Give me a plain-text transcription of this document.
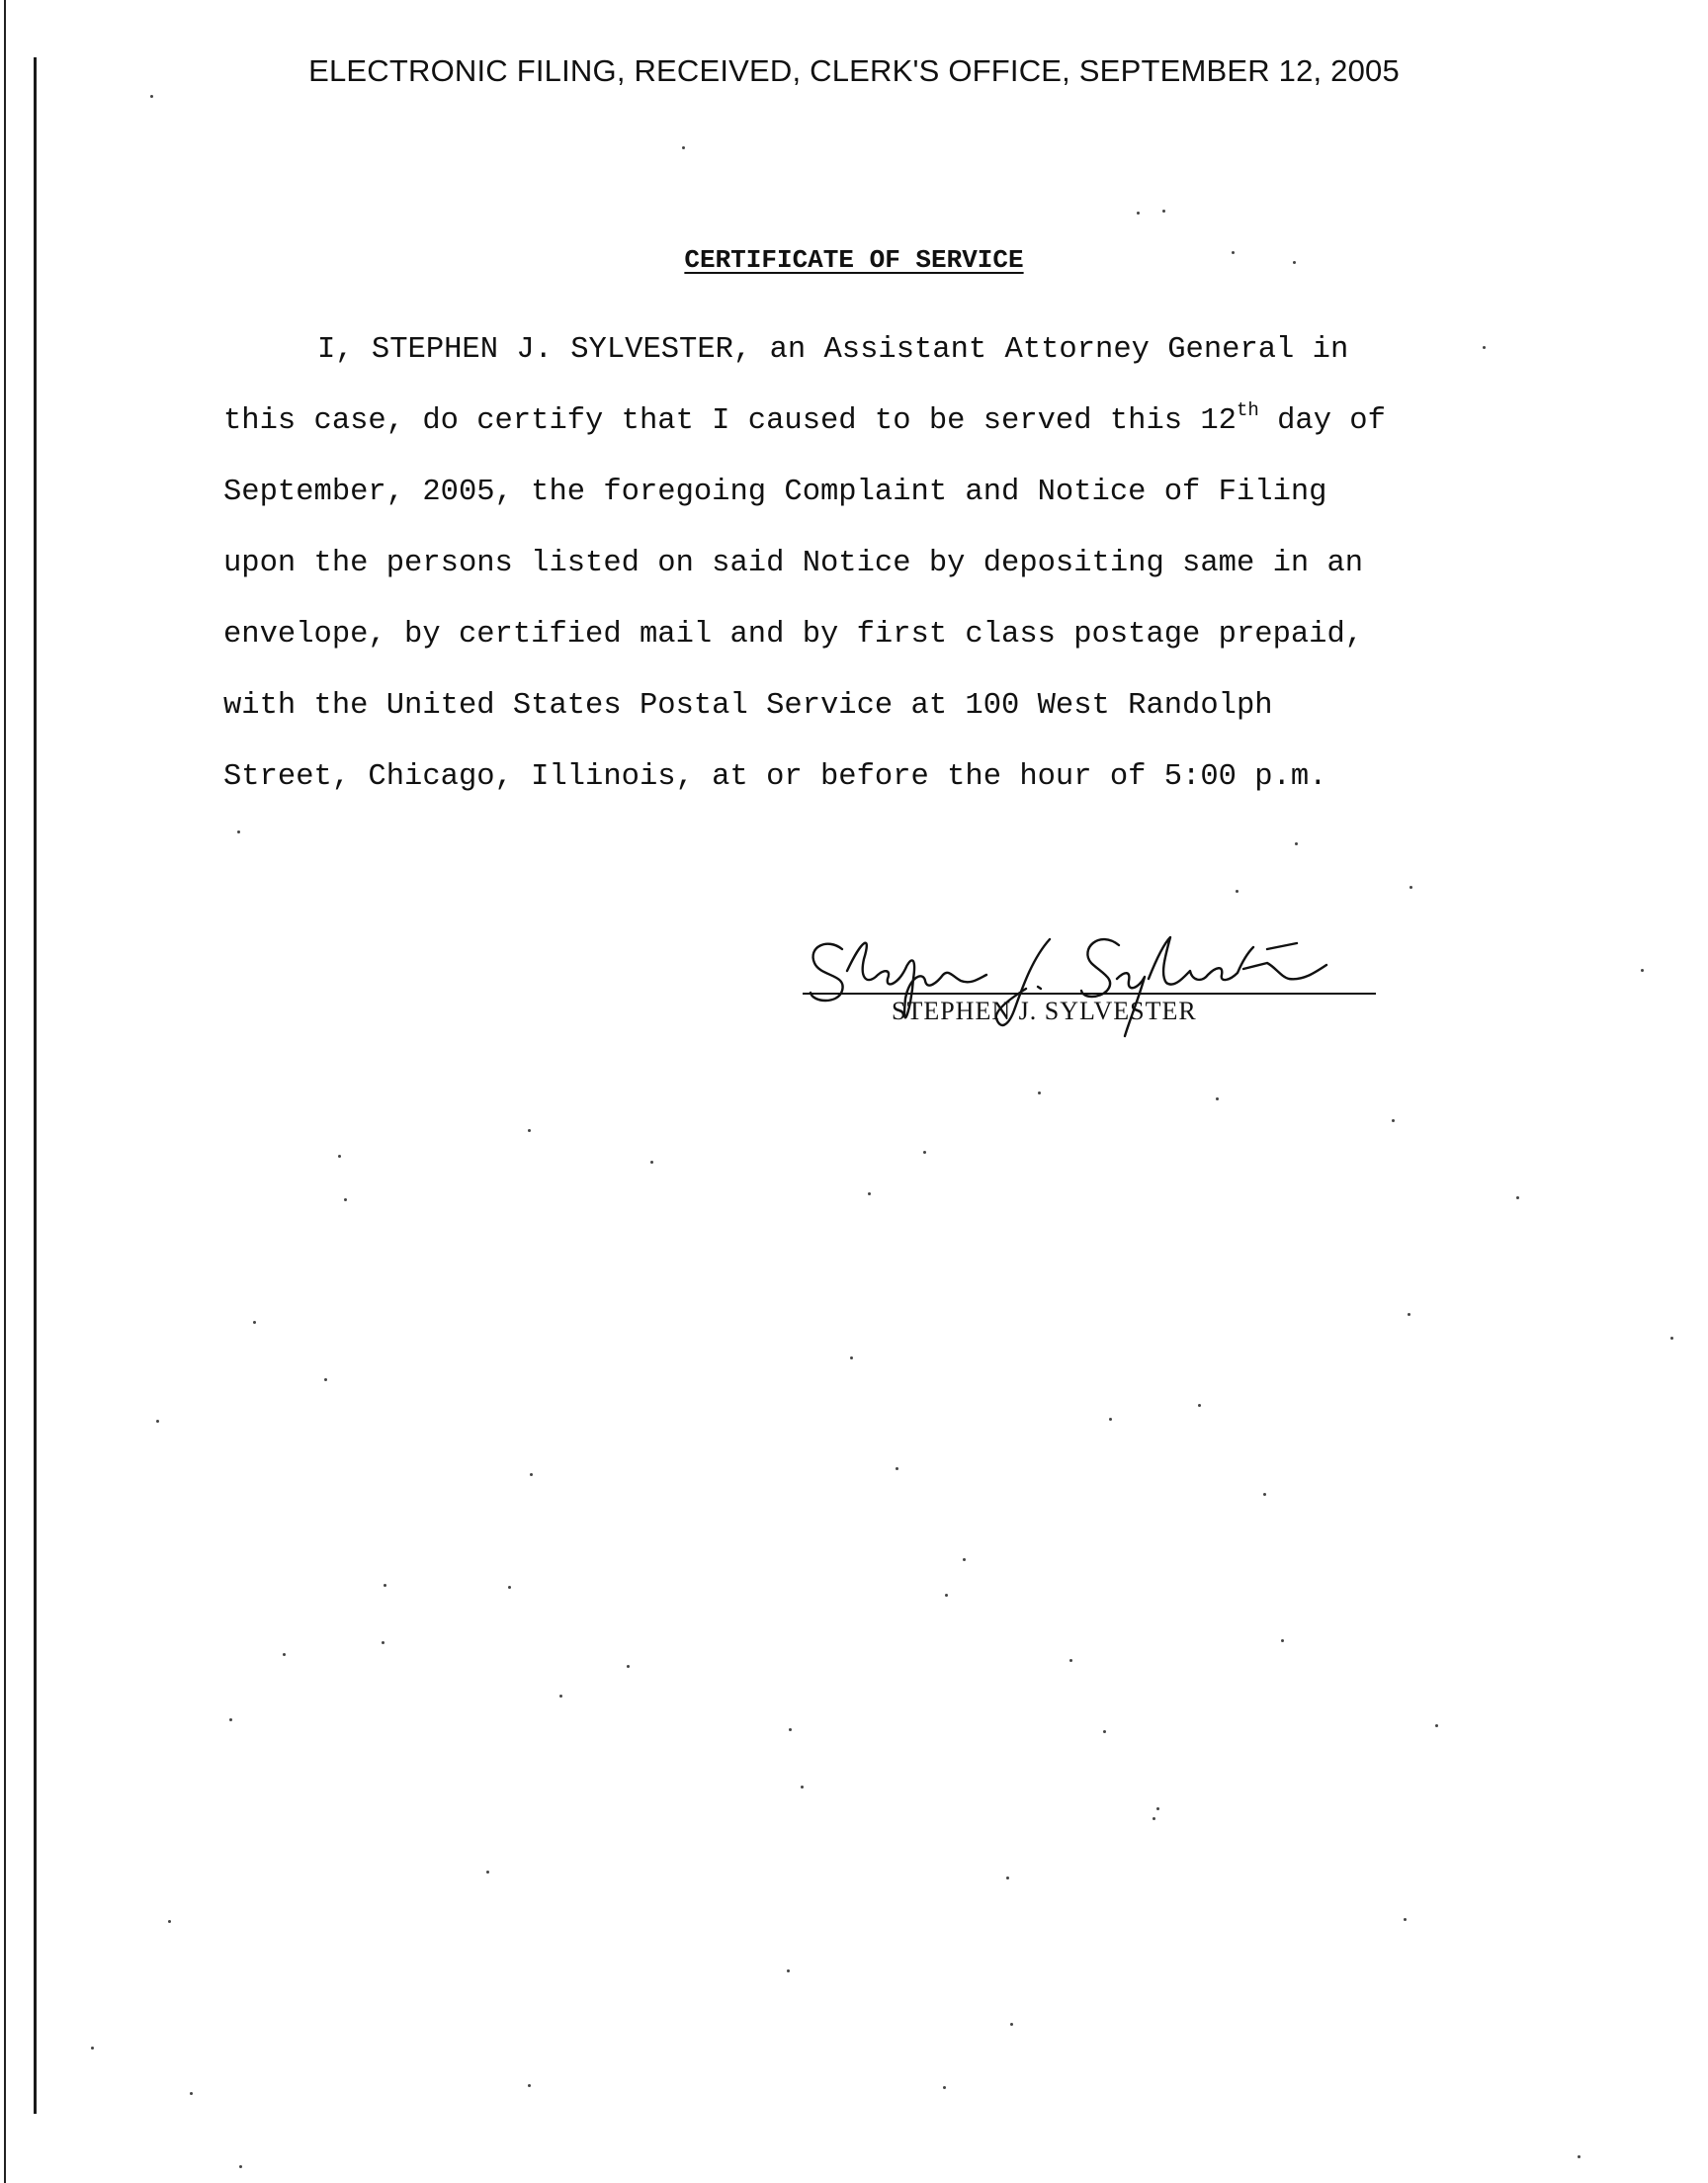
ELECTRONIC FILING, RECEIVED, CLERK'S OFFICE, SEPTEMBER 12, 2005
CERTIFICATE OF SERVICE
I, STEPHEN J. SYLVESTER, an Assistant Attorney General in
this case, do certify that I caused to be served this 12th day of
September, 2005, the foregoing Complaint and Notice of Filing
upon the persons listed on said Notice by depositing same in an
envelope, by certified mail and by first class postage prepaid,
with the United States Postal Service at 100 West Randolph
Street, Chicago, Illinois, at or before the hour of 5:00 p.m.
STEPHEN J. SYLVESTER
